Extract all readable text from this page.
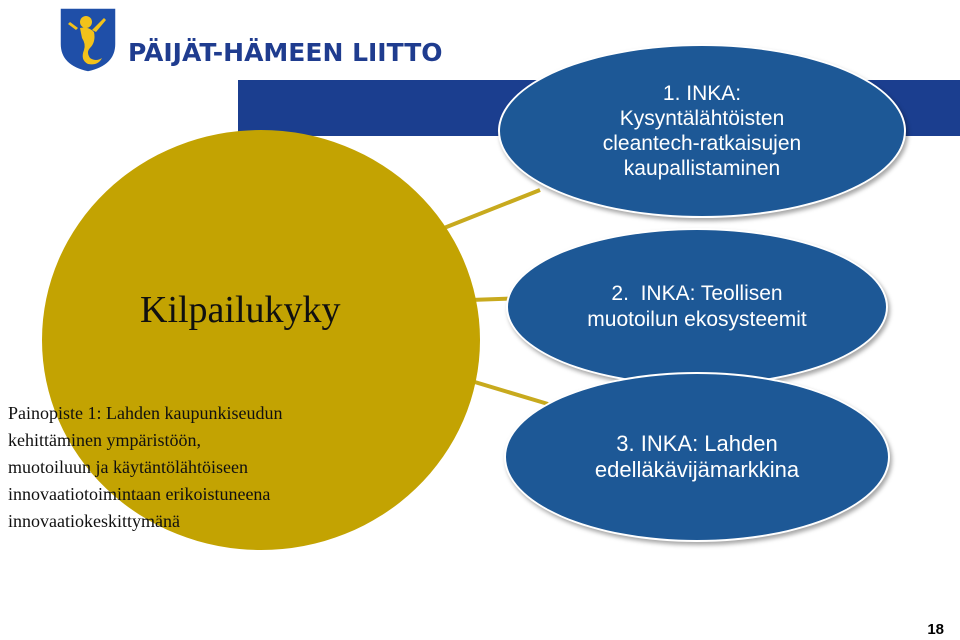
PÄIJÄT-HÄMEEN LIITTO
Kilpailukyky
Painopiste 1: Lahden kaupunkiseudun
kehittäminen ympäristöön,
muotoiluun ja käytäntölähtöiseen
innovaatiotoimintaan erikoistuneena
innovaatiokeskittymänä
1. INKA:
Kysyntälähtöisten
cleantech-ratkaisujen
kaupallistaminen
2.  INKA: Teollisen
muotoilun ekosysteemit
3. INKA: Lahden
edelläkävijämarkkina
18
